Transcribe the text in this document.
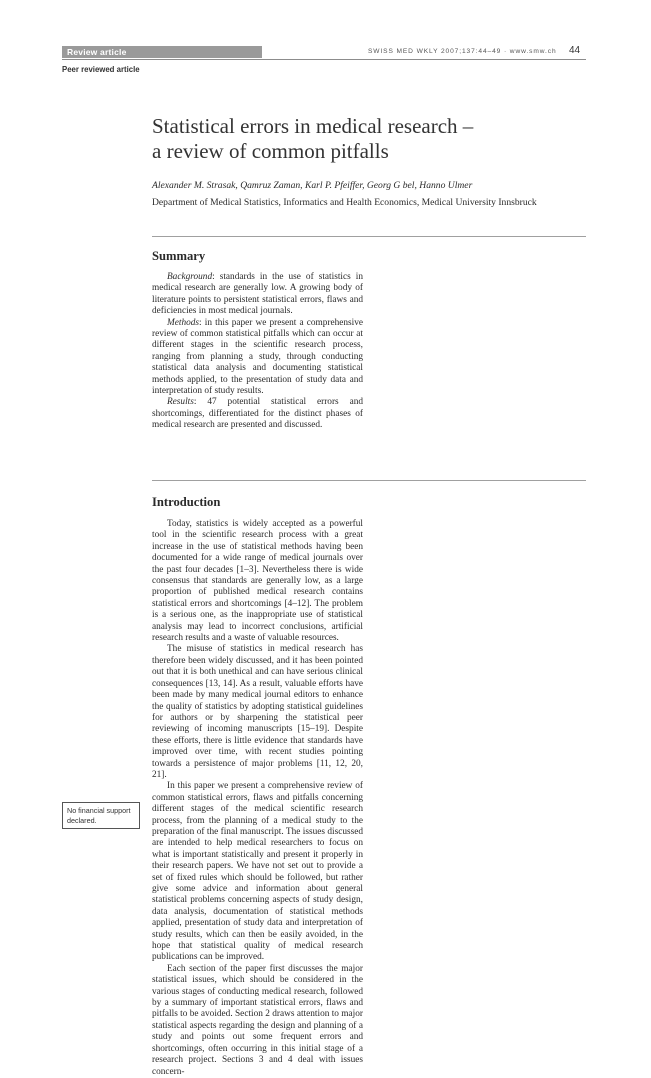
Review article	SWISS MED WKLY 2007;137:44–49 · www.smw.ch 44
Peer reviewed article
Statistical errors in medical research –
a review of common pitfalls
Alexander M. Strasak, Qamruz Zaman, Karl P. Pfeiffer, Georg G bel, Hanno Ulmer
Department of Medical Statistics, Informatics and Health Economics, Medical University Innsbruck
Summary

Background: standards in the use of statistics in medical research are generally low. A growing body of literature points to persistent statistical errors, flaws and deficiencies in most medical journals.

Methods: in this paper we present a comprehensive review of common statistical pitfalls which can occur at different stages in the scientific research process, ranging from planning a study, through conducting statistical data analysis and documenting statistical methods applied, to the presentation of study data and interpretation of study results.

Results: 47 potential statistical errors and shortcomings, differentiated for the distinct phases of medical research are presented and discussed.

Introduction

Today, statistics is widely accepted as a powerful tool in the scientific research process with a great increase in the use of statistical methods having been documented for a wide range of medical journals over the past four decades [1–3]. Nevertheless there is wide consensus that standards are generally low, as a large proportion of published medical research contains statistical errors and shortcomings [4–12]. The problem is a serious one, as the inappropriate use of statistical analysis may lead to incorrect conclusions, artificial research results and a waste of valuable resources.

The misuse of statistics in medical research has therefore been widely discussed, and it has been pointed out that it is both unethical and can have serious clinical consequences [13, 14]. As a result, valuable efforts have been made by many medical journal editors to enhance the quality of statistics by adopting statistical guidelines for authors or by sharpening the statistical peer reviewing of incoming manuscripts [15–19]. Despite these efforts, there is little evidence that standards have improved over time, with recent studies pointing towards a persistence of major problems [11, 12, 20, 21].

In this paper we present a comprehensive review of common statistical errors, flaws and pitfalls concerning different stages of the medical scientific research process, from the planning of a medical study to the preparation of the final manuscript. The issues discussed are intended to help medical researchers to focus on what is important statistically and present it properly in their research papers. We have not set out to provide a set of fixed rules which should be followed, but rather give some advice and information about general statistical problems concerning aspects of study design, data analysis, documentation of statistical methods applied, presentation of study data and interpretation of study results, which can then be easily avoided, in the hope that statistical quality of medical research publications can be improved.

Each section of the paper first discusses the major statistical issues, which should be considered in the various stages of conducting medical research, followed by a summary of important statistical errors, flaws and pitfalls to be avoided. Section 2 draws attention to major statistical aspects regarding the design and planning of a study and points out some frequent errors and shortcomings, often occurring in this initial stage of a research project. Sections 3 and 4 deal with issues concern-

No financial support declared.
